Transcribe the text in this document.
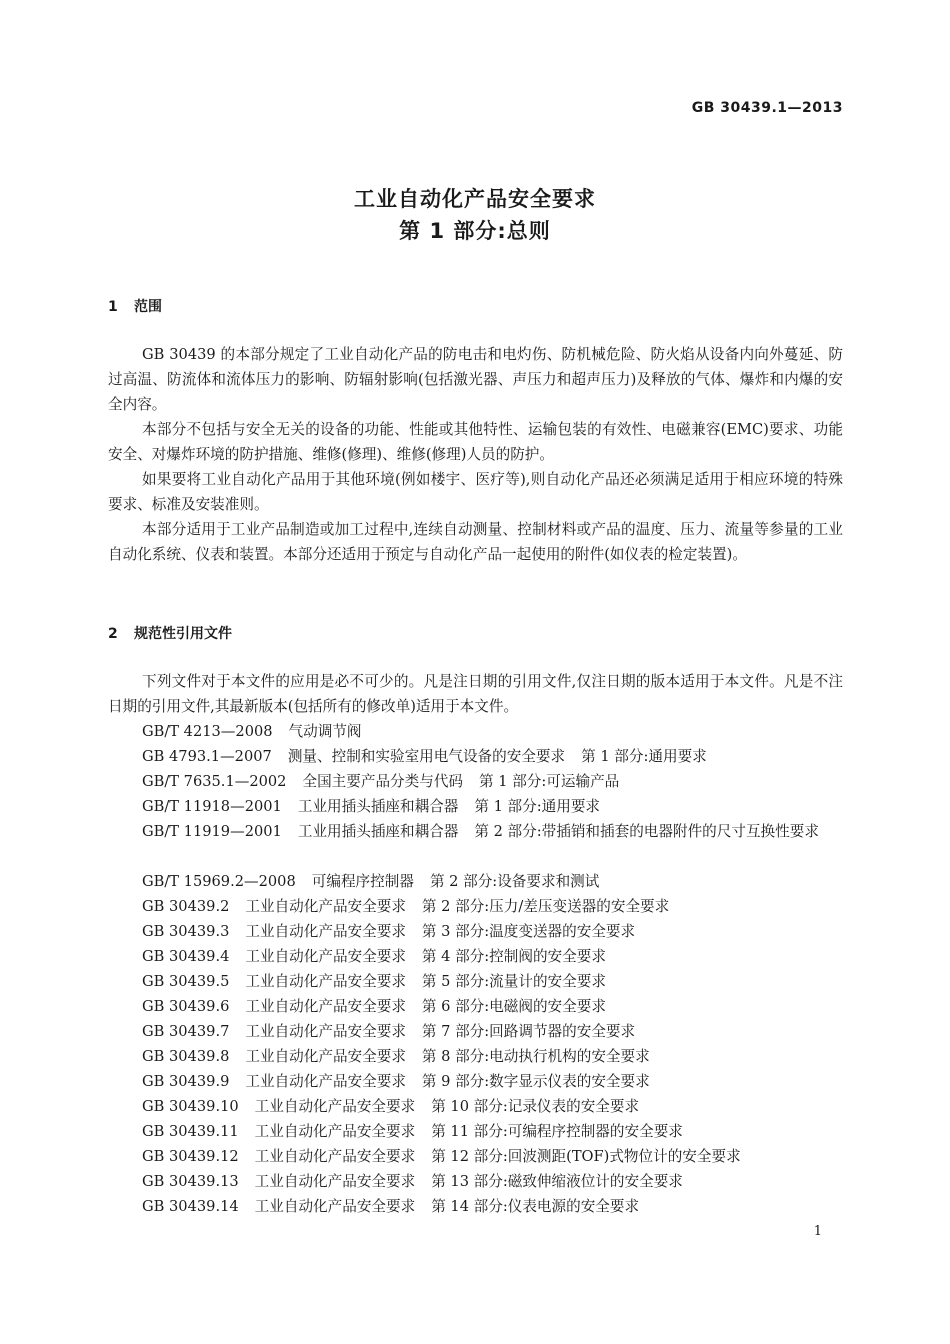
GB 30439.1—2013
工业自动化产品安全要求
第 1 部分:总则
1 范围

GB 30439 的本部分规定了工业自动化产品的防电击和电灼伤、防机械危险、防火焰从设备内向外蔓延、防过高温、防流体和流体压力的影响、防辐射影响(包括激光器、声压力和超声压力)及释放的气体、爆炸和内爆的安全内容。

本部分不包括与安全无关的设备的功能、性能或其他特性、运输包装的有效性、电磁兼容(EMC)要求、功能安全、对爆炸环境的防护措施、维修(修理)、维修(修理)人员的防护。

如果要将工业自动化产品用于其他环境(例如楼宇、医疗等),则自动化产品还必须满足适用于相应环境的特殊要求、标准及安装准则。

本部分适用于工业产品制造或加工过程中,连续自动测量、控制材料或产品的温度、压力、流量等参量的工业自动化系统、仪表和装置。本部分还适用于预定与自动化产品一起使用的附件(如仪表的检定装置)。

2 规范性引用文件

下列文件对于本文件的应用是必不可少的。凡是注日期的引用文件,仅注日期的版本适用于本文件。凡是不注日期的引用文件,其最新版本(包括所有的修改单)适用于本文件。

GB/T 4213—2008 气动调节阀

GB 4793.1—2007 测量、控制和实验室用电气设备的安全要求 第 1 部分:通用要求

GB/T 7635.1—2002 全国主要产品分类与代码 第 1 部分:可运输产品

GB/T 11918—2001 工业用插头插座和耦合器 第 1 部分:通用要求

GB/T 11919—2001 工业用插头插座和耦合器 第 2 部分:带插销和插套的电器附件的尺寸互换性要求

GB/T 15969.2—2008 可编程序控制器 第 2 部分:设备要求和测试

GB 30439.2 工业自动化产品安全要求 第 2 部分:压力/差压变送器的安全要求

GB 30439.3 工业自动化产品安全要求 第 3 部分:温度变送器的安全要求

GB 30439.4 工业自动化产品安全要求 第 4 部分:控制阀的安全要求

GB 30439.5 工业自动化产品安全要求 第 5 部分:流量计的安全要求

GB 30439.6 工业自动化产品安全要求 第 6 部分:电磁阀的安全要求

GB 30439.7 工业自动化产品安全要求 第 7 部分:回路调节器的安全要求

GB 30439.8 工业自动化产品安全要求 第 8 部分:电动执行机构的安全要求

GB 30439.9 工业自动化产品安全要求 第 9 部分:数字显示仪表的安全要求

GB 30439.10 工业自动化产品安全要求 第 10 部分:记录仪表的安全要求

GB 30439.11 工业自动化产品安全要求 第 11 部分:可编程序控制器的安全要求

GB 30439.12 工业自动化产品安全要求 第 12 部分:回波测距(TOF)式物位计的安全要求

GB 30439.13 工业自动化产品安全要求 第 13 部分:磁致伸缩液位计的安全要求

GB 30439.14 工业自动化产品安全要求 第 14 部分:仪表电源的安全要求

1
